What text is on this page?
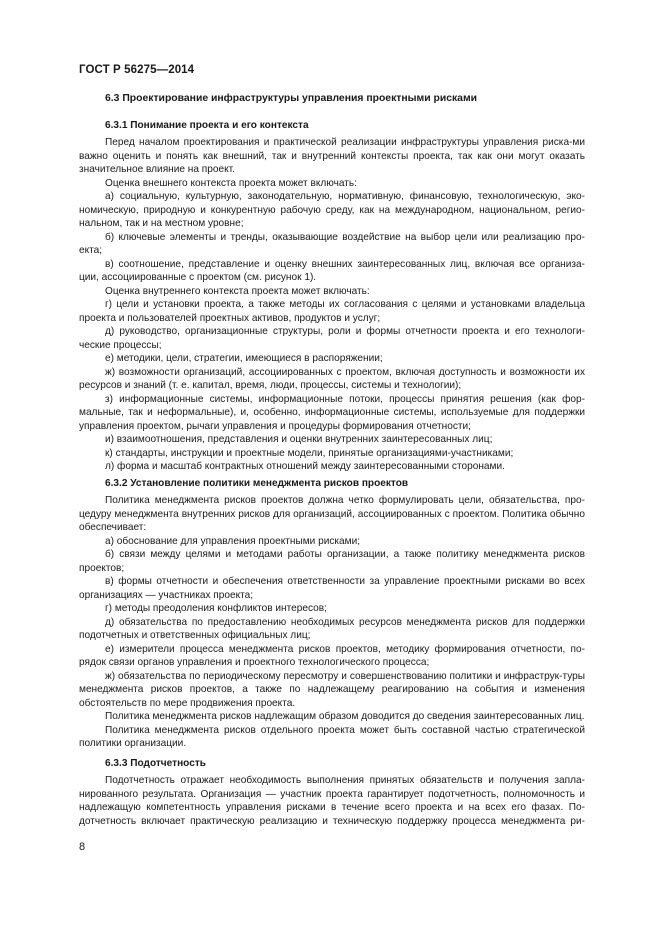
ГОСТ Р 56275—2014

6.3 Проектирование инфраструктуры управления проектными рисками

6.3.1 Понимание проекта и его контекста

Перед началом проектирования и практической реализации инфраструктуры управления риска-ми важно оценить и понять как внешний, так и внутренний контексты проекта, так как они могут оказать значительное влияние на проект.

Оценка внешнего контекста проекта может включать:

а) социальную, культурную, законодательную, нормативную, финансовую, технологическую, эко-номическую, природную и конкурентную рабочую среду, как на международном, национальном, регио-нальном, так и на местном уровне;

б) ключевые элементы и тренды, оказывающие воздействие на выбор цели или реализацию про-екта;

в) соотношение, представление и оценку внешних заинтересованных лиц, включая все организа-ции, ассоциированные с проектом (см. рисунок 1).

Оценка внутреннего контекста проекта может включать:

г) цели и установки проекта, а также методы их согласования с целями и установками владельца проекта и пользователей проектных активов, продуктов и услуг;

д) руководство, организационные структуры, роли и формы отчетности проекта и его технологи-ческие процессы;

е) методики, цели, стратегии, имеющиеся в распоряжении;

ж) возможности организаций, ассоциированных с проектом, включая доступность и возможности их ресурсов и знаний (т. е. капитал, время, люди, процессы, системы и технологии);

з) информационные системы, информационные потоки, процессы принятия решения (как фор-мальные, так и неформальные), и, особенно, информационные системы, используемые для поддержки управления проектом, рычаги управления и процедуры формирования отчетности;

и) взаимоотношения, представления и оценки внутренних заинтересованных лиц;

к) стандарты, инструкции и проектные модели, принятые организациями-участниками;

л) форма и масштаб контрактных отношений между заинтересованными сторонами.

6.3.2 Установление политики менеджмента рисков проектов

Политика менеджмента рисков проектов должна четко формулировать цели, обязательства, про-цедуру менеджмента внутренних рисков для организаций, ассоциированных с проектом. Политика обычно обеспечивает:

а) обоснование для управления проектными рисками;

б) связи между целями и методами работы организации, а также политику менеджмента рисков проектов;

в) формы отчетности и обеспечения ответственности за управление проектными рисками во всех организациях — участниках проекта;

г) методы преодоления конфликтов интересов;

д) обязательства по предоставлению необходимых ресурсов менеджмента рисков для поддержки подотчетных и ответственных официальных лиц;

е) измерители процесса менеджмента рисков проектов, методику формирования отчетности, по-рядок связи органов управления и проектного технологического процесса;

ж) обязательства по периодическому пересмотру и совершенствованию политики и инфраструк-туры менеджмента рисков проектов, а также по надлежащему реагированию на события и изменения обстоятельств по мере продвижения проекта.

Политика менеджмента рисков надлежащим образом доводится до сведения заинтересованных лиц.

Политика менеджмента рисков отдельного проекта может быть составной частью стратегической политики организации.

6.3.3 Подотчетность

Подотчетность отражает необходимость выполнения принятых обязательств и получения запла-нированного результата. Организация — участник проекта гарантирует подотчетность, полномочность и надлежащую компетентность управления рисками в течение всего проекта и на всех его фазах. По-дотчетность включает практическую реализацию и техническую поддержку процесса менеджмента ри-

8
